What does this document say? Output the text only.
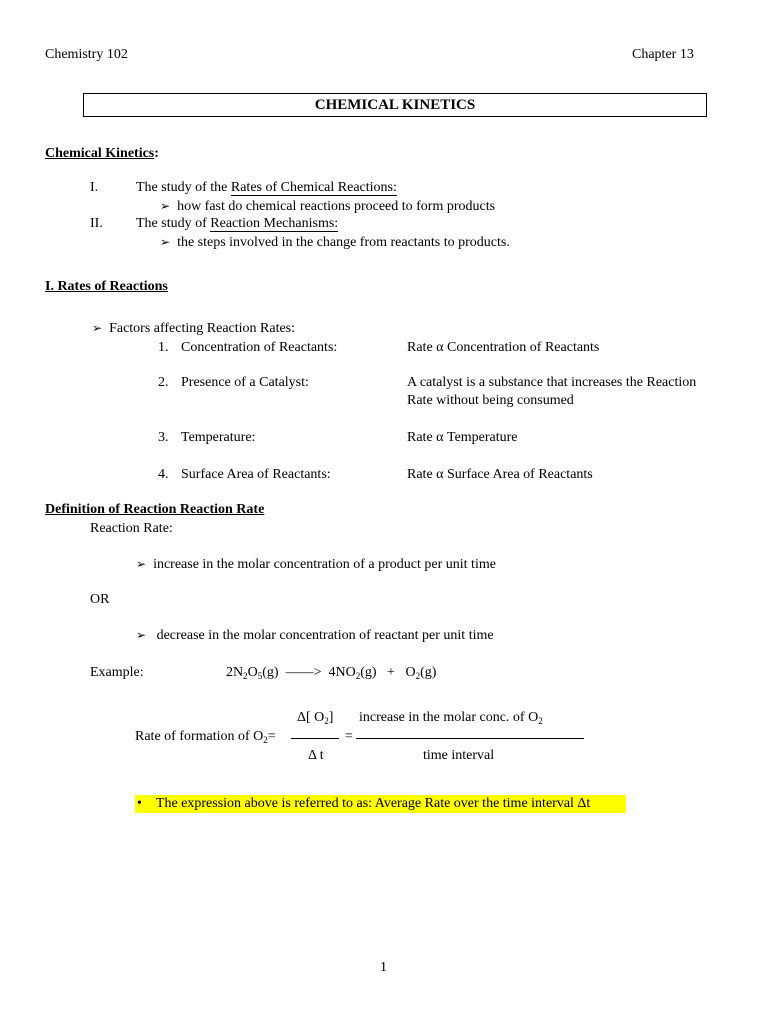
Chemistry 102	Chapter 13
CHEMICAL KINETICS
Chemical Kinetics:
I.	The study of the Rates of Chemical Reactions:
➢ how fast do chemical reactions proceed to form products
II. The study of Reaction Mechanisms:
➢ the steps involved in the change from reactants to products.
I. Rates of Reactions
➢ Factors affecting Reaction Rates:
1. Concentration of Reactants:	Rate α Concentration of Reactants
2. Presence of a Catalyst:	A catalyst is a substance that increases the Reaction
Rate without being consumed
3. Temperature:	Rate α Temperature
4. Surface Area of Reactants:	Rate α Surface Area of Reactants
Definition of Reaction Reaction Rate
Reaction Rate:
➢ increase in the molar concentration of a product per unit time
OR
➢ decrease in the molar concentration of reactant per unit time
Example:	$2N_2O_5(g)$ ——> $4NO_2(g) + O_2(g)$
Rate of formation of $O_2=$
Δ[ $O_2$]
Δ t
=
increase in the molar conc. of $O_2$
time interval
• The expression above is referred to as: Average Rate over the time interval Δt
1
